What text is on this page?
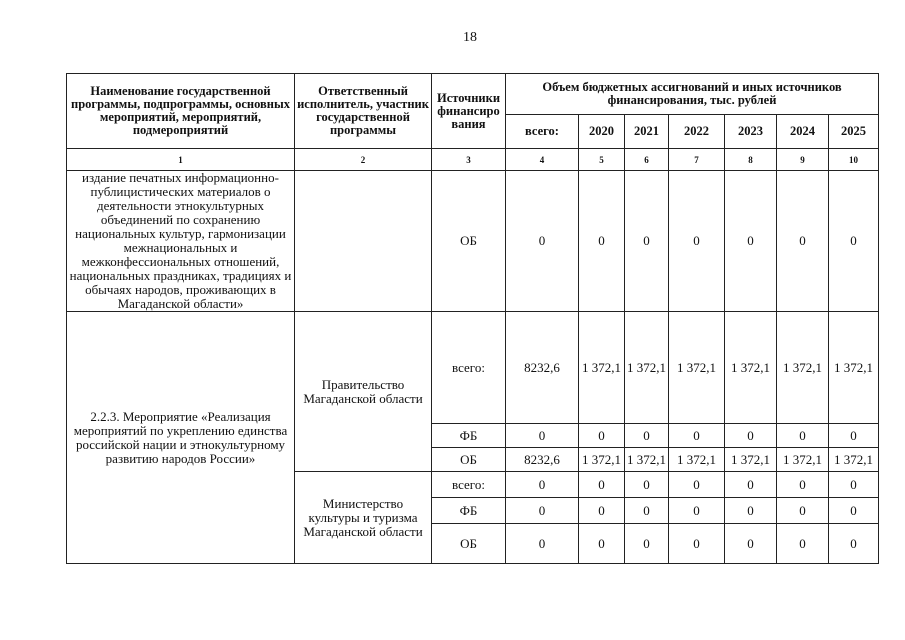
18
Наименование государственной программы, подпрограммы, основных мероприятий, мероприятий, подмероприятий	Ответственный исполнитель, участник государственной программы	Источники финансиро вания	Объем бюджетных ассигнований и иных источников финансирования, тыс. рублей						
			всего:	2020	2021	2022	2023	2024	2025
1	2	3	4	5	6	7	8	9	10
издание печатных информационно-публицистических материалов о деятельности этнокультурных объединений по сохранению национальных культур, гармонизации межнациональных и межконфессиональных отношений, национальных праздниках, традициях и обычаях народов, проживающих в Магаданской области»		ОБ	0	0	0	0	0	0	0
2.2.3. Мероприятие «Реализация мероприятий по укреплению единства российской нации и этнокультурному развитию народов России»	Правительство Магаданской области	всего:	8232,6	1 372,1	1 372,1	1 372,1	1 372,1	1 372,1	1 372,1
		ФБ	0	0	0	0	0	0	0
		ОБ	8232,6	1 372,1	1 372,1	1 372,1	1 372,1	1 372,1	1 372,1
	Министерство культуры и туризма Магаданской области	всего:	0	0	0	0	0	0	0
		ФБ	0	0	0	0	0	0	0
		ОБ	0	0	0	0	0	0	0
